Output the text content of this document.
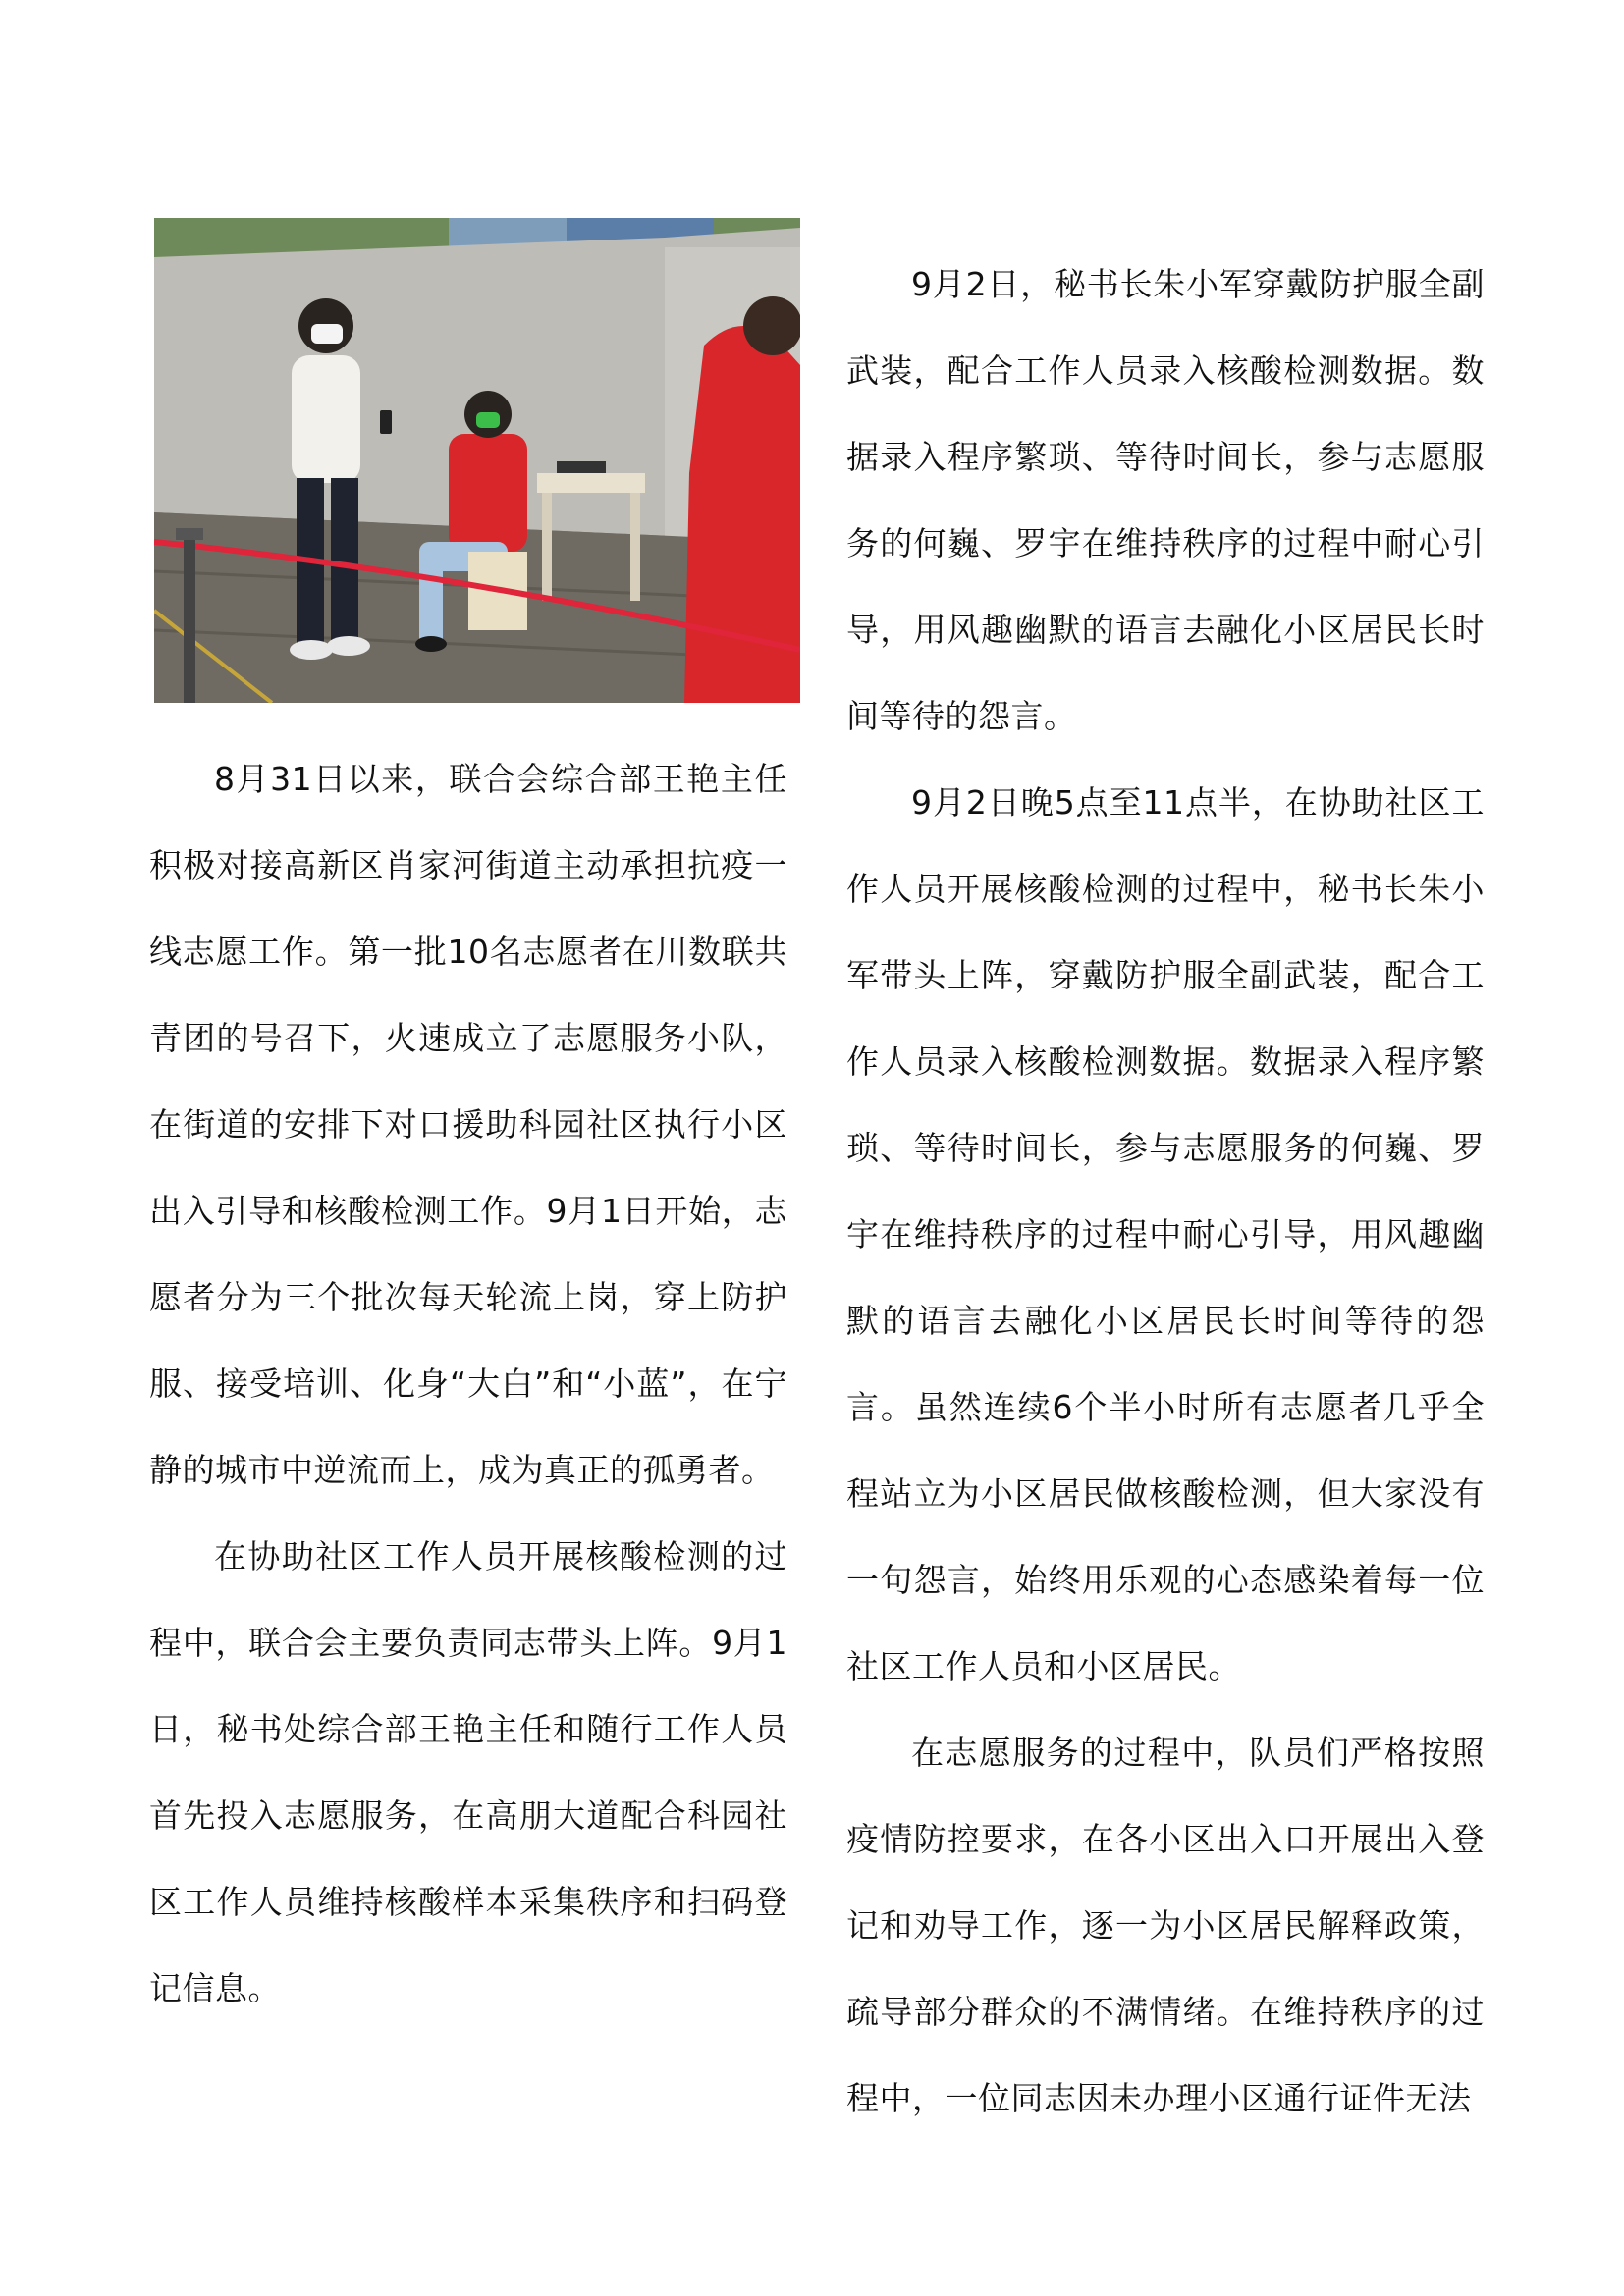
8月31日以来，联合会综合部王艳主任积极对接高新区肖家河街道主动承担抗疫一线志愿工作。第一批10名志愿者在川数联共青团的号召下，火速成立了志愿服务小队，在街道的安排下对口援助科园社区执行小区出入引导和核酸检测工作。9月1日开始，志愿者分为三个批次每天轮流上岗，穿上防护服、接受培训、化身“大白”和“小蓝”，在宁静的城市中逆流而上，成为真正的孤勇者。

在协助社区工作人员开展核酸检测的过程中，联合会主要负责同志带头上阵。9月1日，秘书处综合部王艳主任和随行工作人员首先投入志愿服务，在高朋大道配合科园社区工作人员维持核酸样本采集秩序和扫码登记信息。

9月2日，秘书长朱小军穿戴防护服全副武装，配合工作人员录入核酸检测数据。数据录入程序繁琐、等待时间长，参与志愿服务的何巍、罗宇在维持秩序的过程中耐心引导，用风趣幽默的语言去融化小区居民长时间等待的怨言。

9月2日晚5点至11点半，在协助社区工作人员开展核酸检测的过程中，秘书长朱小军带头上阵，穿戴防护服全副武装，配合工作人员录入核酸检测数据。数据录入程序繁琐、等待时间长，参与志愿服务的何巍、罗宇在维持秩序的过程中耐心引导，用风趣幽默的语言去融化小区居民长时间等待的怨言。虽然连续6个半小时所有志愿者几乎全程站立为小区居民做核酸检测，但大家没有一句怨言，始终用乐观的心态感染着每一位社区工作人员和小区居民。

在志愿服务的过程中，队员们严格按照疫情防控要求，在各小区出入口开展出入登记和劝导工作，逐一为小区居民解释政策，疏导部分群众的不满情绪。在维持秩序的过程中，一位同志因未办理小区通行证件无法
